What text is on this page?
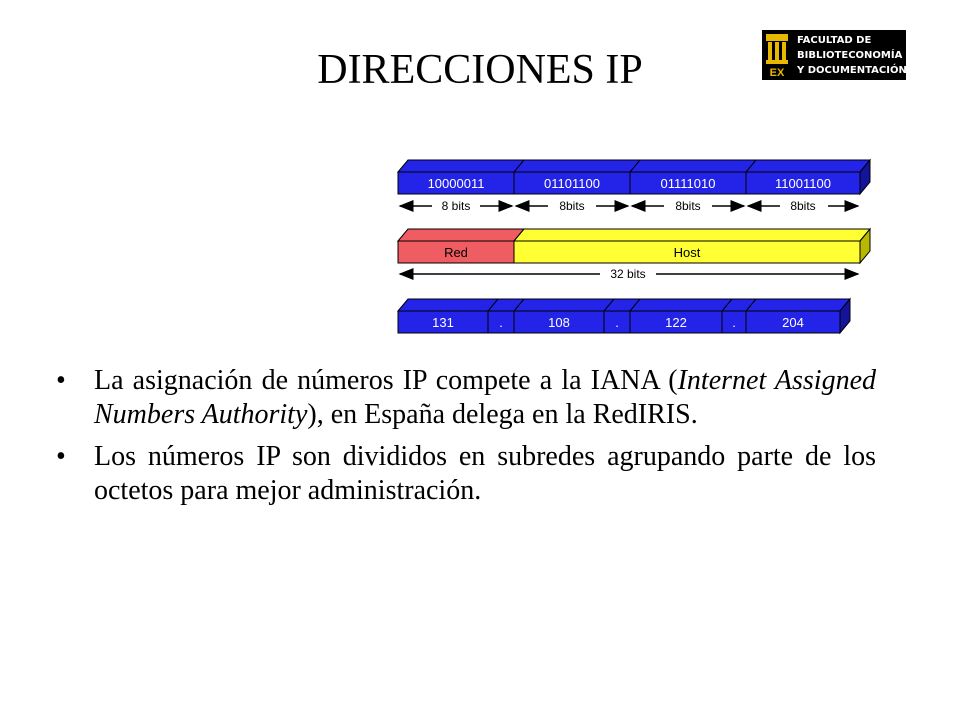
DIRECCIONES IP	EX
FACULTAD DE
BIBLIOTECONOMÍA
Y DOCUMENTACIÓN
10000011	01101100	01111010	11001100
8 bits	8bits	8bits	8bits
Red	Host
32 bits
131	.	108	.	122	.	204
• La asignación de números IP compete a la IANA (Internet Assigned Numbers Authority), en España delega en la RedIRIS.
• Los números IP son divididos en subredes agrupando parte de los octetos para mejor administración.
